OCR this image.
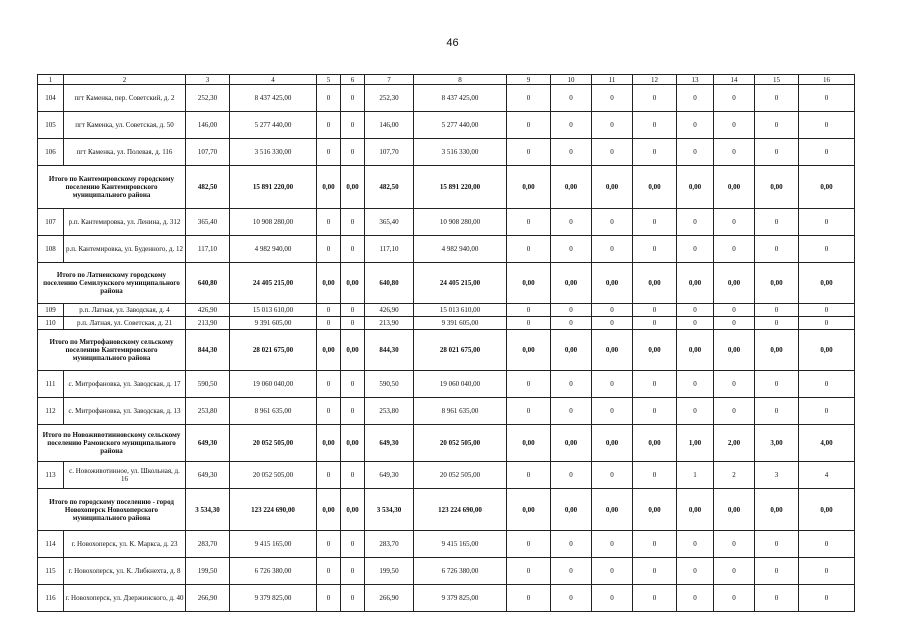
46
1	2	3	4	5	6	7	8	9	10	11	12	13	14	15	16
104	пгт Каменка, пер. Советский, д. 2	252,30	8 437 425,00	0	0	252,30	8 437 425,00	0	0	0	0	0	0	0	0
105	пгт Каменка, ул. Советская, д. 50	146,00	5 277 440,00	0	0	146,00	5 277 440,00	0	0	0	0	0	0	0	0
106	пгт Каменка, ул. Полевая, д. 116	107,70	3 516 330,00	0	0	107,70	3 516 330,00	0	0	0	0	0	0	0	0
Итого по Кантемировскому городскому поселению Кантемировского муниципального района		482,50	15 891 220,00	0,00	0,00	482,50	15 891 220,00	0,00	0,00	0,00	0,00	0,00	0,00	0,00	0,00
107	р.п. Кантемировка, ул. Ленина, д. 312	365,40	10 908 280,00	0	0	365,40	10 908 280,00	0	0	0	0	0	0	0	0
108	р.п. Кантемировка, ул. Буденного, д. 12	117,10	4 982 940,00	0	0	117,10	4 982 940,00	0	0	0	0	0	0	0	0
Итого по Латненскому городскому поселению Семилукского муниципального района		640,80	24 405 215,00	0,00	0,00	640,80	24 405 215,00	0,00	0,00	0,00	0,00	0,00	0,00	0,00	0,00
109	р.п. Латная, ул. Заводская, д. 4	426,90	15 013 610,00	0	0	426,90	15 013 610,00	0	0	0	0	0	0	0	0
110	р.п. Латная, ул. Советская, д. 21	213,90	9 391 605,00	0	0	213,90	9 391 605,00	0	0	0	0	0	0	0	0
Итого по Митрофановскому сельскому поселению Кантемировского муниципального района		844,30	28 021 675,00	0,00	0,00	844,30	28 021 675,00	0,00	0,00	0,00	0,00	0,00	0,00	0,00	0,00
111	с. Митрофановка, ул. Заводская, д. 17	590,50	19 060 040,00	0	0	590,50	19 060 040,00	0	0	0	0	0	0	0	0
112	с. Митрофановка, ул. Заводская, д. 13	253,80	8 961 635,00	0	0	253,80	8 961 635,00	0	0	0	0	0	0	0	0
Итого по Новоживотинновскому сельскому поселению Рамонского муниципального района		649,30	20 052 505,00	0,00	0,00	649,30	20 052 505,00	0,00	0,00	0,00	0,00	1,00	2,00	3,00	4,00
113	с. Новоживотинное, ул. Школьная, д. 16	649,30	20 052 505,00	0	0	649,30	20 052 505,00	0	0	0	0	1	2	3	4
Итого по городскому поселению - город Новохоперск Новохоперского муниципального района		3 534,30	123 224 690,00	0,00	0,00	3 534,30	123 224 690,00	0,00	0,00	0,00	0,00	0,00	0,00	0,00	0,00
114	г. Новохоперск, ул. К. Маркса, д. 23	283,70	9 415 165,00	0	0	283,70	9 415 165,00	0	0	0	0	0	0	0	0
115	г. Новохоперск, ул. К. Либкнехта, д. 8	199,50	6 726 380,00	0	0	199,50	6 726 380,00	0	0	0	0	0	0	0	0
116	г. Новохоперск, ул. Дзержинского, д. 40	266,90	9 379 825,00	0	0	266,90	9 379 825,00	0	0	0	0	0	0	0	0
